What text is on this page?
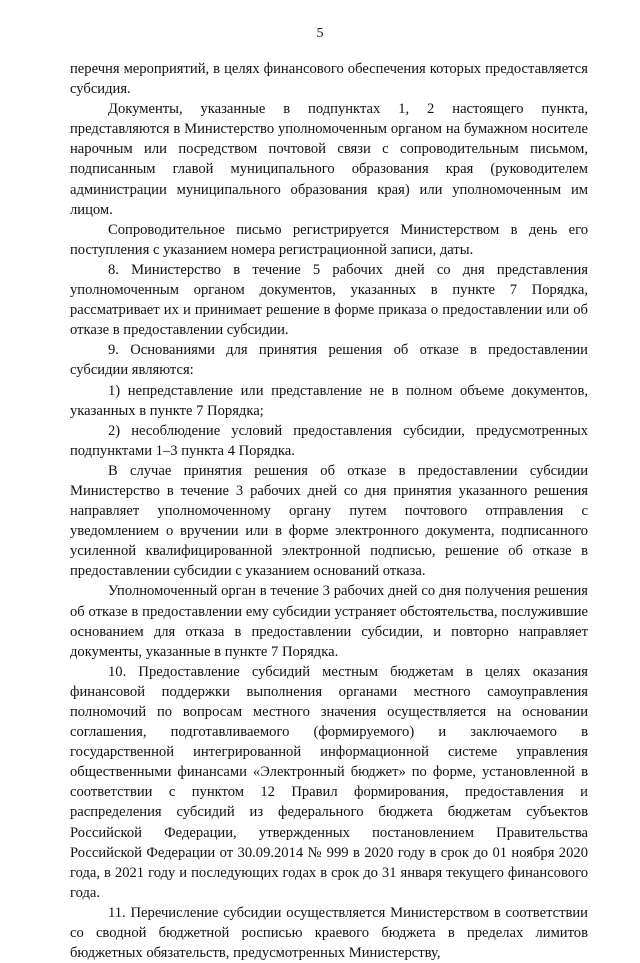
5

перечня мероприятий, в целях финансового обеспечения которых предоставляется субсидия.

Документы, указанные в подпунктах 1, 2 настоящего пункта, представляются в Министерство уполномоченным органом на бумажном носителе нарочным или посредством почтовой связи с сопроводительным письмом, подписанным главой муниципального образования края (руководителем администрации муниципального образования края) или уполномоченным им лицом.

Сопроводительное письмо регистрируется Министерством в день его поступления с указанием номера регистрационной записи, даты.

8. Министерство в течение 5 рабочих дней со дня представления уполномоченным органом документов, указанных в пункте 7 Порядка, рассматривает их и принимает решение в форме приказа о предоставлении или об отказе в предоставлении субсидии.

9. Основаниями для принятия решения об отказе в предоставлении субсидии являются:

1) непредставление или представление не в полном объеме документов, указанных в пункте 7 Порядка;

2) несоблюдение условий предоставления субсидии, предусмотренных подпунктами 1–3 пункта 4 Порядка.

В случае принятия решения об отказе в предоставлении субсидии Министерство в течение 3 рабочих дней со дня принятия указанного решения направляет уполномоченному органу путем почтового отправления с уведомлением о вручении или в форме электронного документа, подписанного усиленной квалифицированной электронной подписью, решение об отказе в предоставлении субсидии с указанием оснований отказа.

Уполномоченный орган в течение 3 рабочих дней со дня получения решения об отказе в предоставлении ему субсидии устраняет обстоятельства, послужившие основанием для отказа в предоставлении субсидии, и повторно направляет документы, указанные в пункте 7 Порядка.

10. Предоставление субсидий местным бюджетам в целях оказания финансовой поддержки выполнения органами местного самоуправления полномочий по вопросам местного значения осуществляется на основании соглашения, подготавливаемого (формируемого) и заключаемого в государственной интегрированной информационной системе управления общественными финансами «Электронный бюджет» по форме, установленной в соответствии с пунктом 12 Правил формирования, предоставления и распределения субсидий из федерального бюджета бюджетам субъектов Российской Федерации, утвержденных постановлением Правительства Российской Федерации от 30.09.2014 № 999 в 2020 году в срок до 01 ноября 2020 года, в 2021 году и последующих годах в срок до 31 января текущего финансового года.

11. Перечисление субсидии осуществляется Министерством в соответствии со сводной бюджетной росписью краевого бюджета в пределах лимитов бюджетных обязательств, предусмотренных Министерству,
